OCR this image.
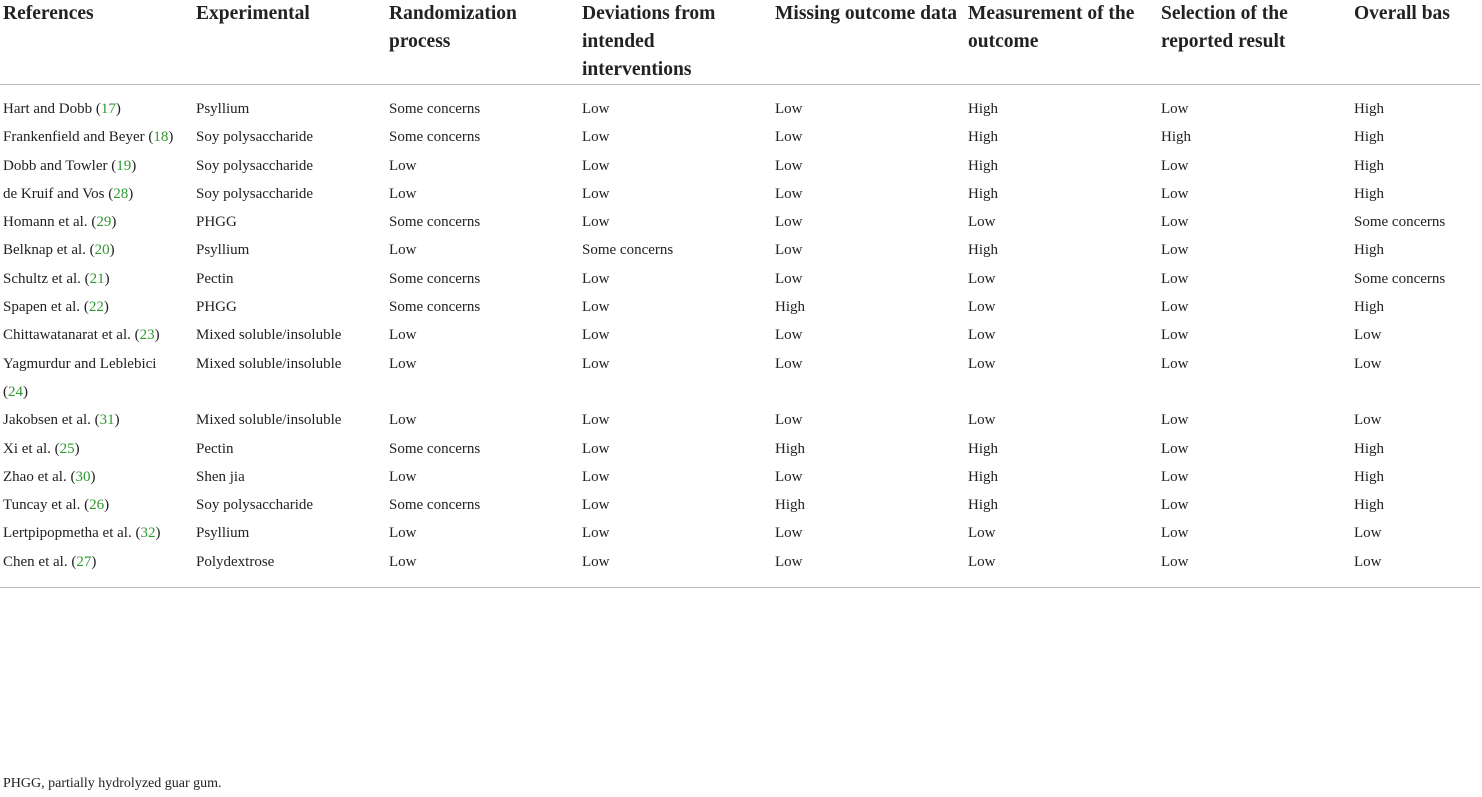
References	Experimental	Randomization process	Deviations from intended interventions	Missing outcome data	Measurement of the outcome	Selection of the reported result	Overall bas
Hart and Dobb (17)	Psyllium	Some concerns	Low	Low	High	Low	High
Frankenfield and Beyer (18)	Soy polysaccharide	Some concerns	Low	Low	High	High	High
Dobb and Towler (19)	Soy polysaccharide	Low	Low	Low	High	Low	High
de Kruif and Vos (28)	Soy polysaccharide	Low	Low	Low	High	Low	High
Homann et al. (29)	PHGG	Some concerns	Low	Low	Low	Low	Some concerns
Belknap et al. (20)	Psyllium	Low	Some concerns	Low	High	Low	High
Schultz et al. (21)	Pectin	Some concerns	Low	Low	Low	Low	Some concerns
Spapen et al. (22)	PHGG	Some concerns	Low	High	Low	Low	High
Chittawatanarat et al. (23)	Mixed soluble/insoluble	Low	Low	Low	Low	Low	Low
Yagmurdur and Leblebici (24)	Mixed soluble/insoluble	Low	Low	Low	Low	Low	Low
Jakobsen et al. (31)	Mixed soluble/insoluble	Low	Low	Low	Low	Low	Low
Xi et al. (25)	Pectin	Some concerns	Low	High	High	Low	High
Zhao et al. (30)	Shen jia	Low	Low	Low	High	Low	High
Tuncay et al. (26)	Soy polysaccharide	Some concerns	Low	High	High	Low	High
Lertpipopmetha et al. (32)	Psyllium	Low	Low	Low	Low	Low	Low
Chen et al. (27)	Polydextrose	Low	Low	Low	Low	Low	Low
PHGG, partially hydrolyzed guar gum.
